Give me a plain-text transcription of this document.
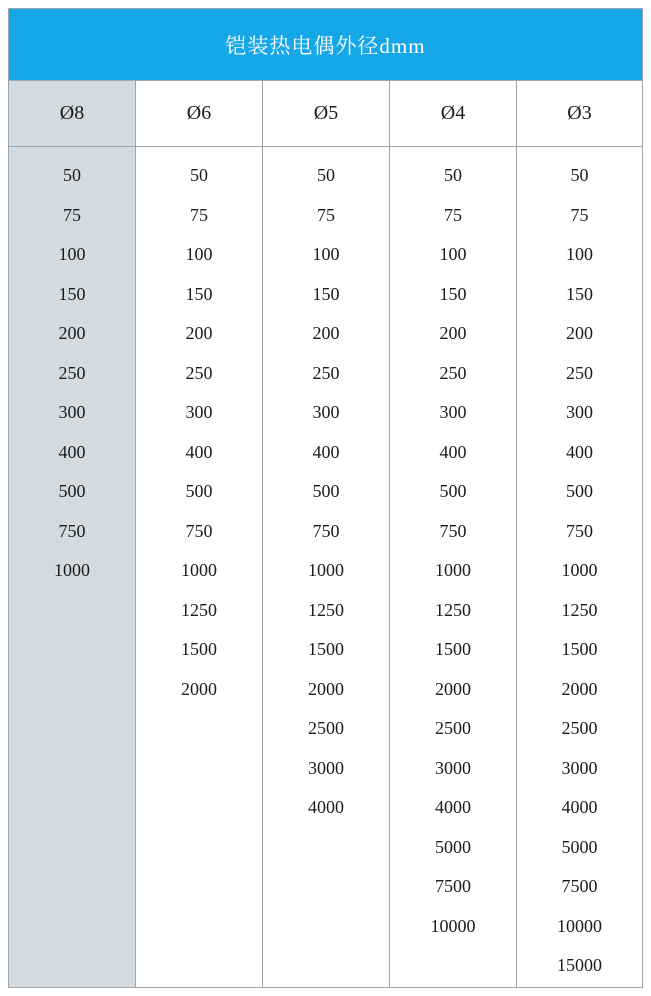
铠装热电偶外径dmm
Ø8
50
75
100
150
200
250
300
400
500
750
1000
Ø6
50
75
100
150
200
250
300
400
500
750
1000
1250
1500
2000
Ø5
50
75
100
150
200
250
300
400
500
750
1000
1250
1500
2000
2500
3000
4000
Ø4
50
75
100
150
200
250
300
400
500
750
1000
1250
1500
2000
2500
3000
4000
5000
7500
10000
Ø3
50
75
100
150
200
250
300
400
500
750
1000
1250
1500
2000
2500
3000
4000
5000
7500
10000
15000
